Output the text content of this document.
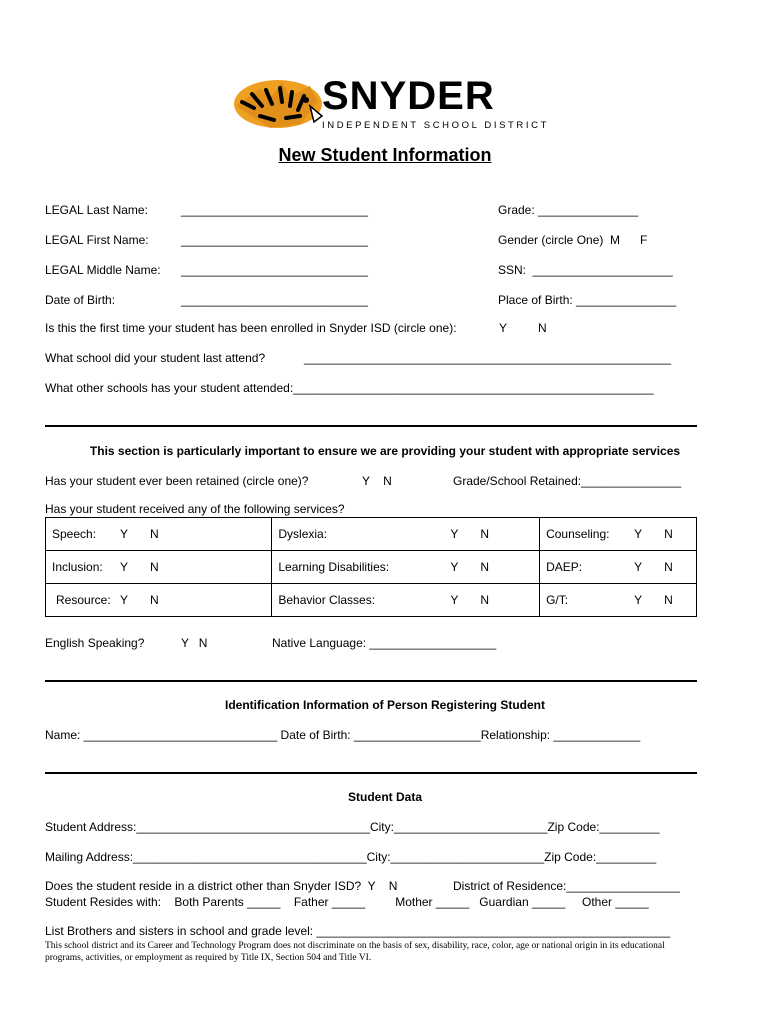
SNYDER
INDEPENDENT SCHOOL DISTRICT
New Student Information
LEGAL Last Name:	____________________________	Grade: _______________
LEGAL First Name:	____________________________	Gender (circle One)  M      F
LEGAL Middle Name: ____________________________	SSN:  _____________________
Date of Birth:	____________________________	Place of Birth: _______________
Is this the first time your student has been enrolled in Snyder ISD (circle one):	Y	N
What school did your student last attend?	_______________________________________________________
What other schools has your student attended:______________________________________________________
This section is particularly important to ensure we are providing your student with appropriate services
Has your student ever been retained (circle one)?	Y    N	Grade/School Retained:_______________
Has your student received any of the following services?
Speech: Y N	Dyslexia: Y N	Counseling: Y N
Inclusion: Y N	Learning Disabilities: Y N	DAEP: Y N
Resource: Y N	Behavior Classes: Y N	G/T: Y N
English Speaking?	Y   N	Native Language: ___________________
Identification Information of Person Registering Student
Name: _____________________________ Date of Birth: ___________________Relationship: _____________
Student Data
Student Address:___________________________________City:_______________________Zip Code:_________
Mailing Address:___________________________________City:_______________________Zip Code:_________
Does the student reside in a district other than Snyder ISD?  Y    N	District of Residence:_________________
Student Resides with:    Both Parents _____    Father _____         Mother _____   Guardian _____     Other _____
List Brothers and sisters in school and grade level: _____________________________________________________
This school district and its Career and Technology Program does not discriminate on the basis of sex, disability, race, color, age or national origin in its educational programs, activities, or employment as required by Title IX, Section 504 and Title VI.
